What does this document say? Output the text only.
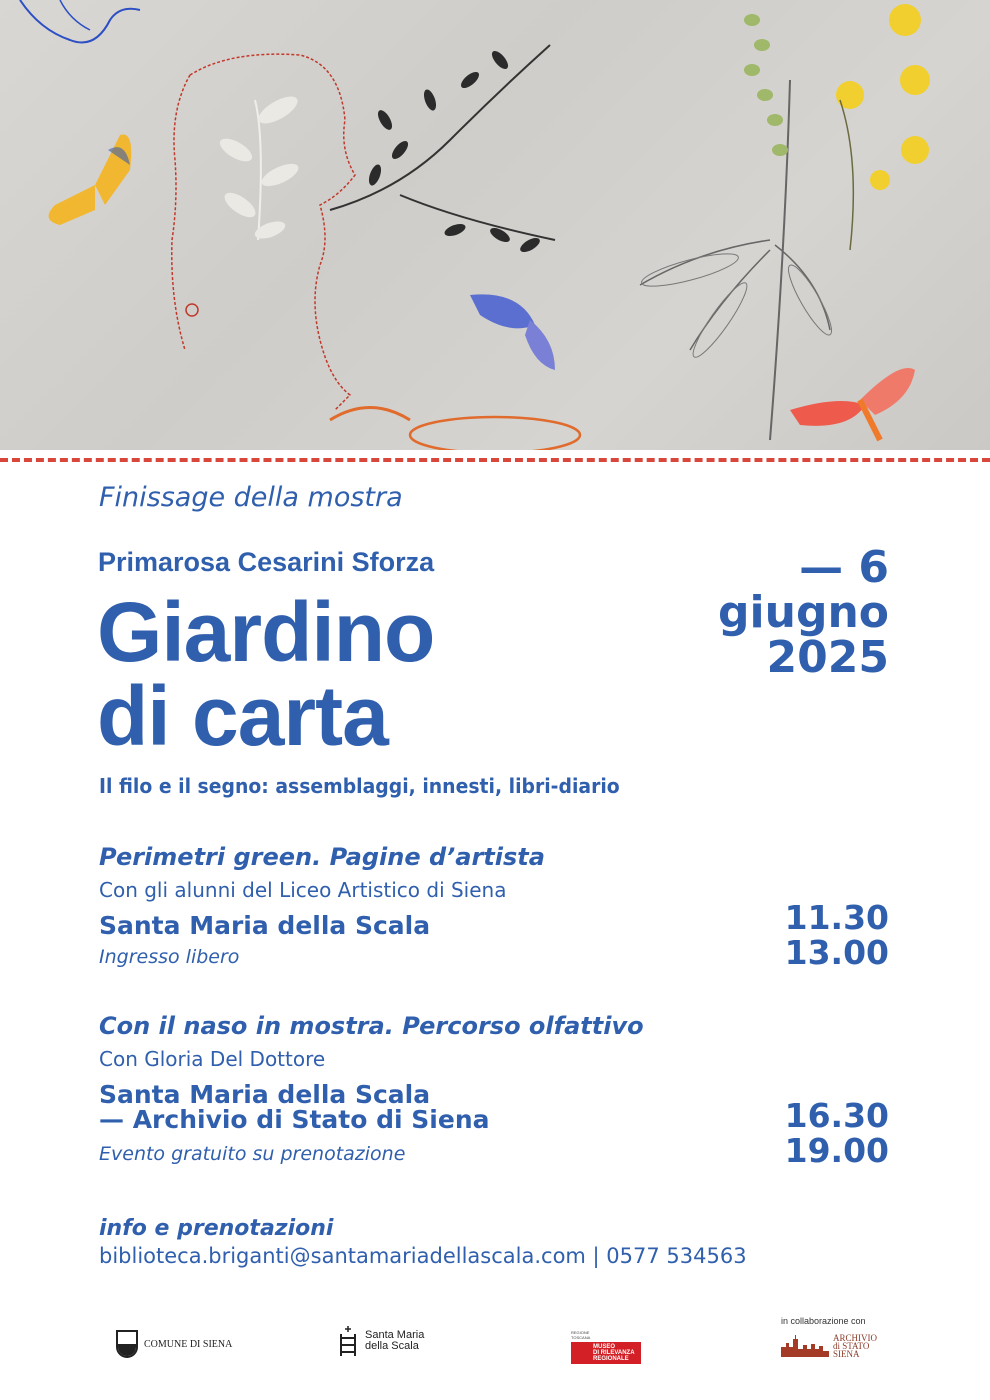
Finissage della mostra
Primarosa Cesarini Sforza
Giardino
di carta
Il filo e il segno: assemblaggi, innesti, libri-diario
— 6
giugno
2025
Perimetri green. Pagine d’artista
Con gli alunni del Liceo Artistico di Siena
Santa Maria della Scala
Ingresso libero
11.30
13.00
Con il naso in mostra. Percorso olfattivo
Con Gloria Del Dottore
Santa Maria della Scala
— Archivio di Stato di Siena
Evento gratuito su prenotazione
16.30
19.00
info e prenotazioni
biblioteca.briganti@santamariadellascala.com | 0577 534563
COMUNE DI SIENA
Santa Maria
della Scala
REGIONE
TOSCANA
MUSEO
DI RILEVANZA
REGIONALE
in collaborazione con
ARCHIVIO
di STATO
SIENA
